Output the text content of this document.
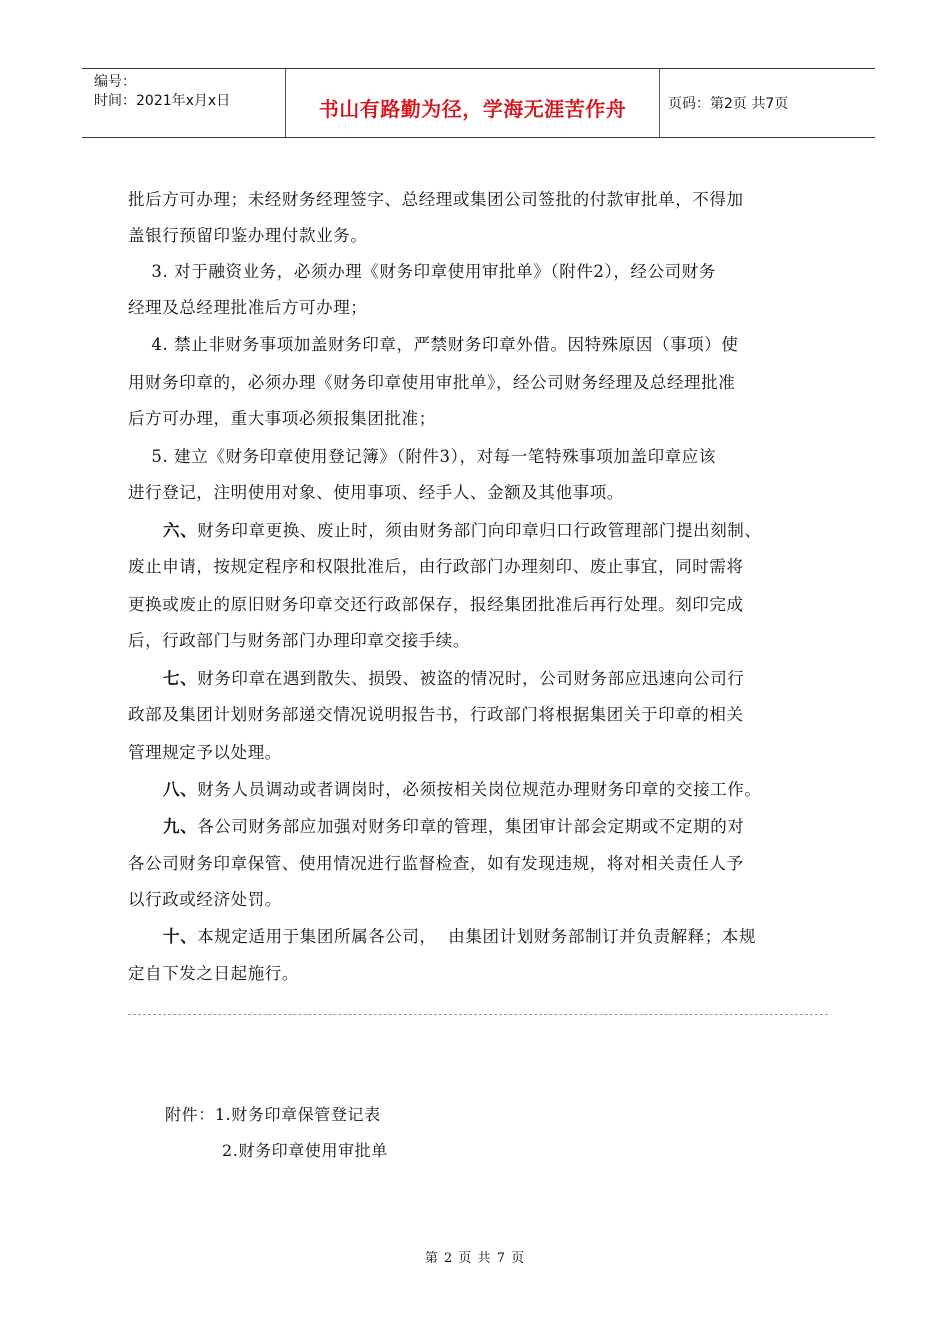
编号：
时间：2021年x月x日	书山有路勤为径，学海无涯苦作舟	页码：第2页 共7页
批后方可办理；未经财务经理签字、总经理或集团公司签批的付款审批单，不得加
盖银行预留印鉴办理付款业务。
3. 对于融资业务，必须办理《财务印章使用审批单》（附件2），经公司财务
经理及总经理批准后方可办理；
4. 禁止非财务事项加盖财务印章，严禁财务印章外借。因特殊原因（事项）使
用财务印章的，必须办理《财务印章使用审批单》，经公司财务经理及总经理批准
后方可办理，重大事项必须报集团批准；
5. 建立《财务印章使用登记簿》（附件3），对每一笔特殊事项加盖印章应该
进行登记，注明使用对象、使用事项、经手人、金额及其他事项。
六、财务印章更换、废止时，须由财务部门向印章归口行政管理部门提出刻制、
废止申请，按规定程序和权限批准后，由行政部门办理刻印、废止事宜，同时需将
更换或废止的原旧财务印章交还行政部保存，报经集团批准后再行处理。刻印完成
后，行政部门与财务部门办理印章交接手续。
七、财务印章在遇到散失、损毁、被盗的情况时，公司财务部应迅速向公司行
政部及集团计划财务部递交情况说明报告书，行政部门将根据集团关于印章的相关
管理规定予以处理。
八、财务人员调动或者调岗时，必须按相关岗位规范办理财务印章的交接工作。
九、各公司财务部应加强对财务印章的管理，集团审计部会定期或不定期的对
各公司财务印章保管、使用情况进行监督检查，如有发现违规，将对相关责任人予
以行政或经济处罚。
十、本规定适用于集团所属各公司，  由集团计划财务部制订并负责解释；本规
定自下发之日起施行。
附件：1.财务印章保管登记表
2.财务印章使用审批单
第 2 页 共 7 页
